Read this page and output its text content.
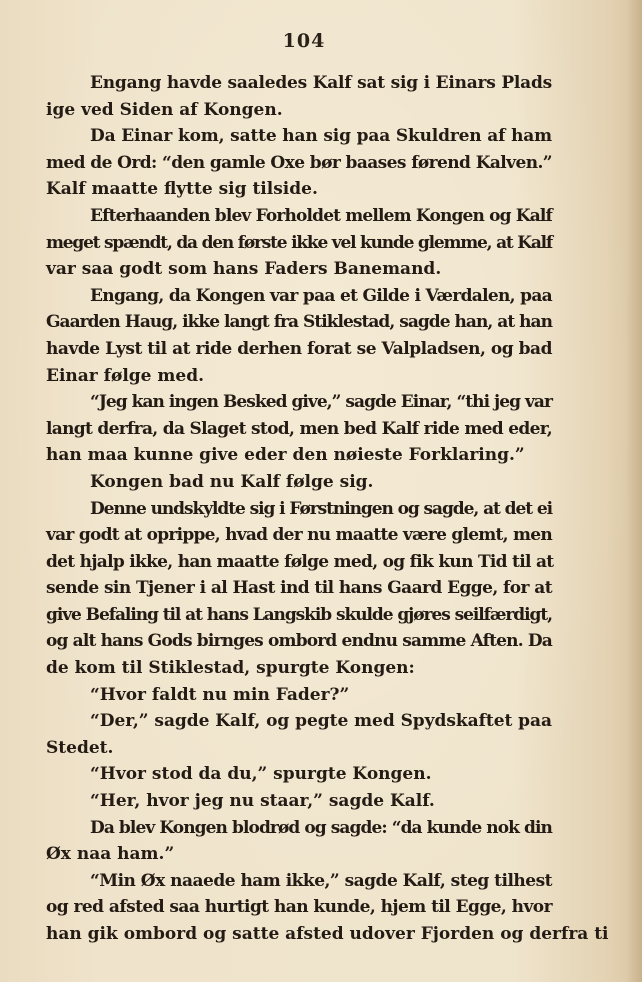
104
Engang havde saaledes Kalf sat sig i Einars Plads
ige ved Siden af Kongen.
Da Einar kom, satte han sig paa Skuldren af ham
med de Ord: “den gamle Oxe bør baases førend Kalven.”
Kalf maatte flytte sig tilside.
Efterhaanden blev Forholdet mellem Kongen og Kalf
meget spændt, da den første ikke vel kunde glemme, at Kalf
var saa godt som hans Faders Banemand.
Engang, da Kongen var paa et Gilde i Værdalen, paa
Gaarden Haug, ikke langt fra Stiklestad, sagde han, at han
havde Lyst til at ride derhen forat se Valpladsen, og bad
Einar følge med.
“Jeg kan ingen Besked give,” sagde Einar, “thi jeg var
langt derfra, da Slaget stod, men bed Kalf ride med eder,
han maa kunne give eder den nøieste Forklaring.”
Kongen bad nu Kalf følge sig.
Denne undskyldte sig i Førstningen og sagde, at det ei
var godt at oprippe, hvad der nu maatte være glemt, men
det hjalp ikke, han maatte følge med, og fik kun Tid til at
sende sin Tjener i al Hast ind til hans Gaard Egge, for at
give Befaling til at hans Langskib skulde gjøres seilfærdigt,
og alt hans Gods birnges ombord endnu samme Aften. Da
de kom til Stiklestad, spurgte Kongen:
“Hvor faldt nu min Fader?”
“Der,” sagde Kalf, og pegte med Spydskaftet paa
Stedet.
“Hvor stod da du,” spurgte Kongen.
“Her, hvor jeg nu staar,” sagde Kalf.
Da blev Kongen blodrød og sagde: “da kunde nok din
Øx naa ham.”
“Min Øx naaede ham ikke,” sagde Kalf, steg tilhest
og red afsted saa hurtigt han kunde, hjem til Egge, hvor
han gik ombord og satte afsted udover Fjorden og derfra ti
